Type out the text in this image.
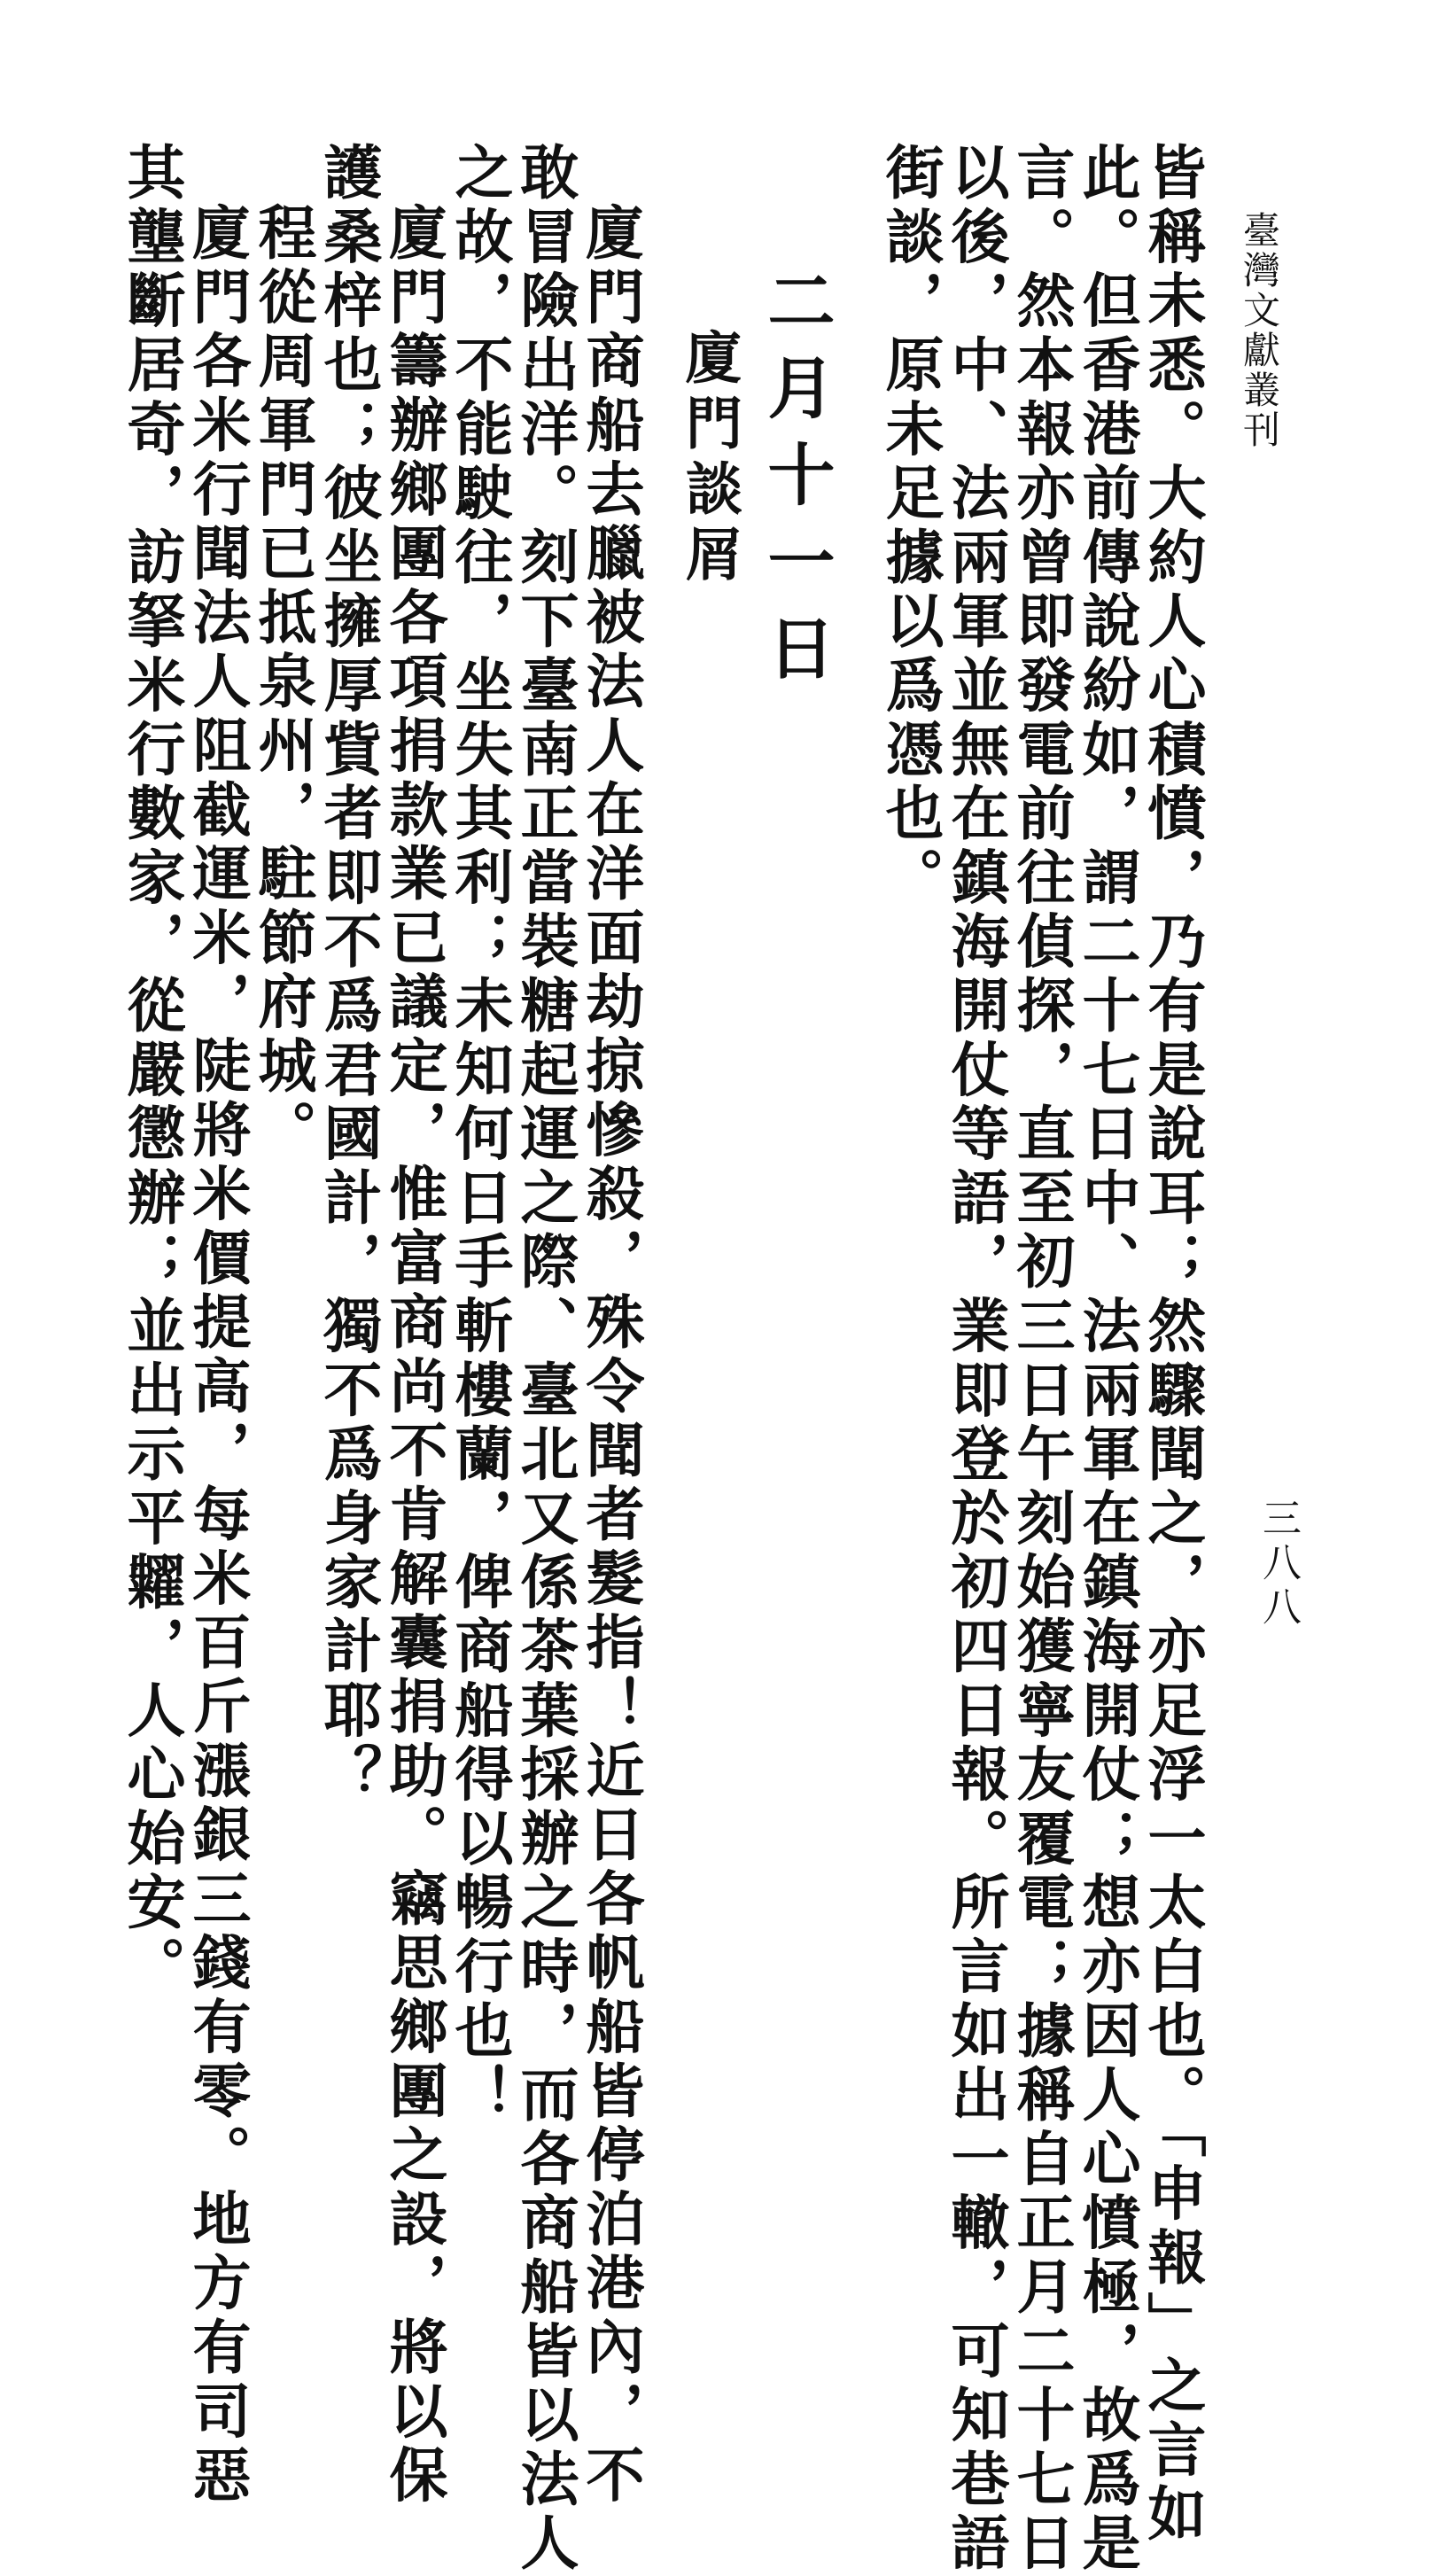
臺灣文獻叢刊
三八八
皆稱未悉。大約人心積憤，乃有是說耳；然驟聞之，亦足浮一太白也。「申報」之言如
此。但香港前傳說紛如，謂二十七日中、法兩軍在鎮海開仗；想亦因人心憤極，故爲是
言。然本報亦曾即發電前往偵探，直至初三日午刻始獲寧友覆電；據稱自正月二十七日
以後，中、法兩軍並無在鎮海開仗等語，業即登於初四日報。所言如出一轍，可知巷語
街談，原未足據以爲憑也。
二月十一日
廈門談屑
廈門商船去臘被法人在洋面劫掠慘殺，殊令聞者髮指！近日各帆船皆停泊港內，不
敢冒險出洋。刻下臺南正當裝糖起運之際、臺北又係茶葉採辦之時，而各商船皆以法人
之故，不能駛往，坐失其利；未知何日手斬樓蘭，俾商船得以暢行也！
廈門籌辦鄉團各項捐款業已議定，惟富商尚不肯解囊捐助。竊思鄉團之設，將以保
護桑梓也；彼坐擁厚貲者即不爲君國計，獨不爲身家計耶？
程從周軍門已抵泉州，駐節府城。
廈門各米行聞法人阻截運米，陡將米價提高，每米百斤漲銀三錢有零。地方有司惡
其壟斷居奇，訪拏米行數家，從嚴懲辦；並出示平糶，人心始安。
